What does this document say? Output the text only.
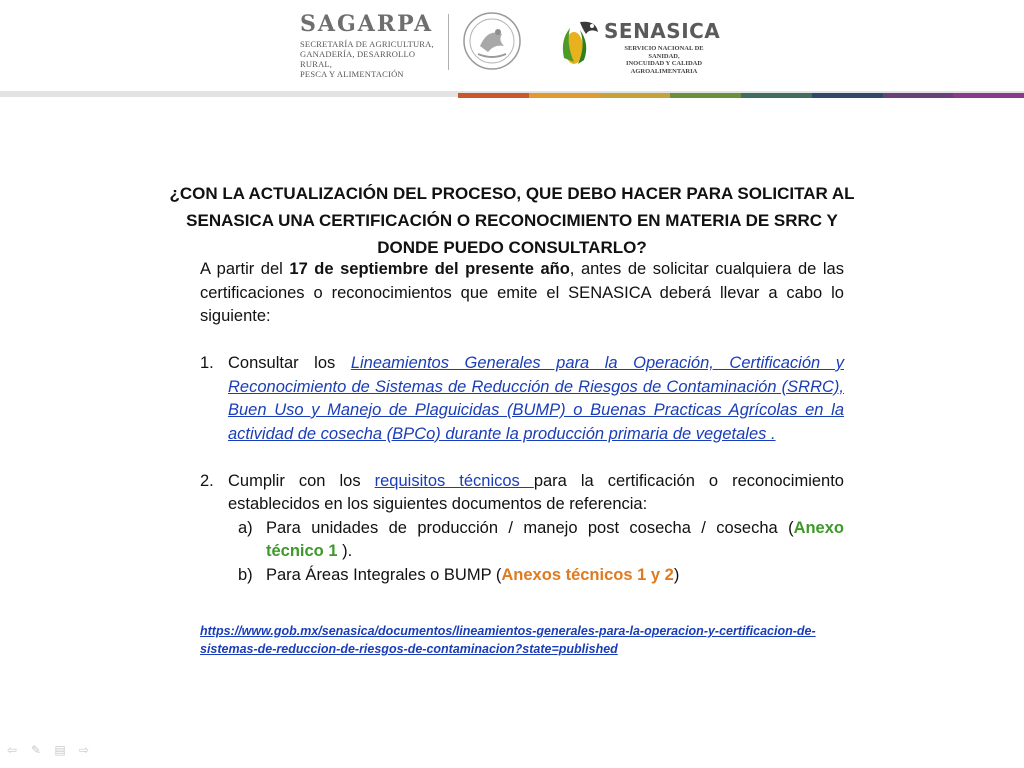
SAGARPA
SECRETARÍA DE AGRICULTURA,
GANADERÍA, DESARROLLO RURAL,
PESCA Y ALIMENTACIÓN
SENASICA
SERVICIO NACIONAL DE SANIDAD,
INOCUIDAD Y CALIDAD
AGROALIMENTARIA
¿CON LA ACTUALIZACIÓN DEL PROCESO, QUE DEBO HACER PARA SOLICITAR AL SENASICA UNA CERTIFICACIÓN O RECONOCIMIENTO EN MATERIA DE SRRC Y DONDE PUEDO CONSULTARLO?

A partir del 17 de septiembre del presente año, antes de solicitar cualquiera de las certificaciones o reconocimientos que emite el SENASICA deberá llevar a cabo lo siguiente:

1. Consultar los Lineamientos Generales para la Operación, Certificación y Reconocimiento de Sistemas de Reducción de Riesgos de Contaminación (SRRC), Buen Uso y Manejo de Plaguicidas (BUMP) o Buenas Practicas Agrícolas en la actividad de cosecha (BPCo) durante la producción primaria de vegetales .
2. Cumplir con los requisitos técnicos para la certificación o reconocimiento establecidos en los siguientes documentos de referencia:
a) Para unidades de producción / manejo post cosecha / cosecha (Anexo técnico 1 ).
b) Para Áreas Integrales o BUMP (Anexos técnicos 1 y 2)
https://www.gob.mx/senasica/documentos/lineamientos-generales-para-la-operacion-y-certificacion-de-sistemas-de-reduccion-de-riesgos-de-contaminacion?state=published
⇦ ✎ ▤ ⇨
